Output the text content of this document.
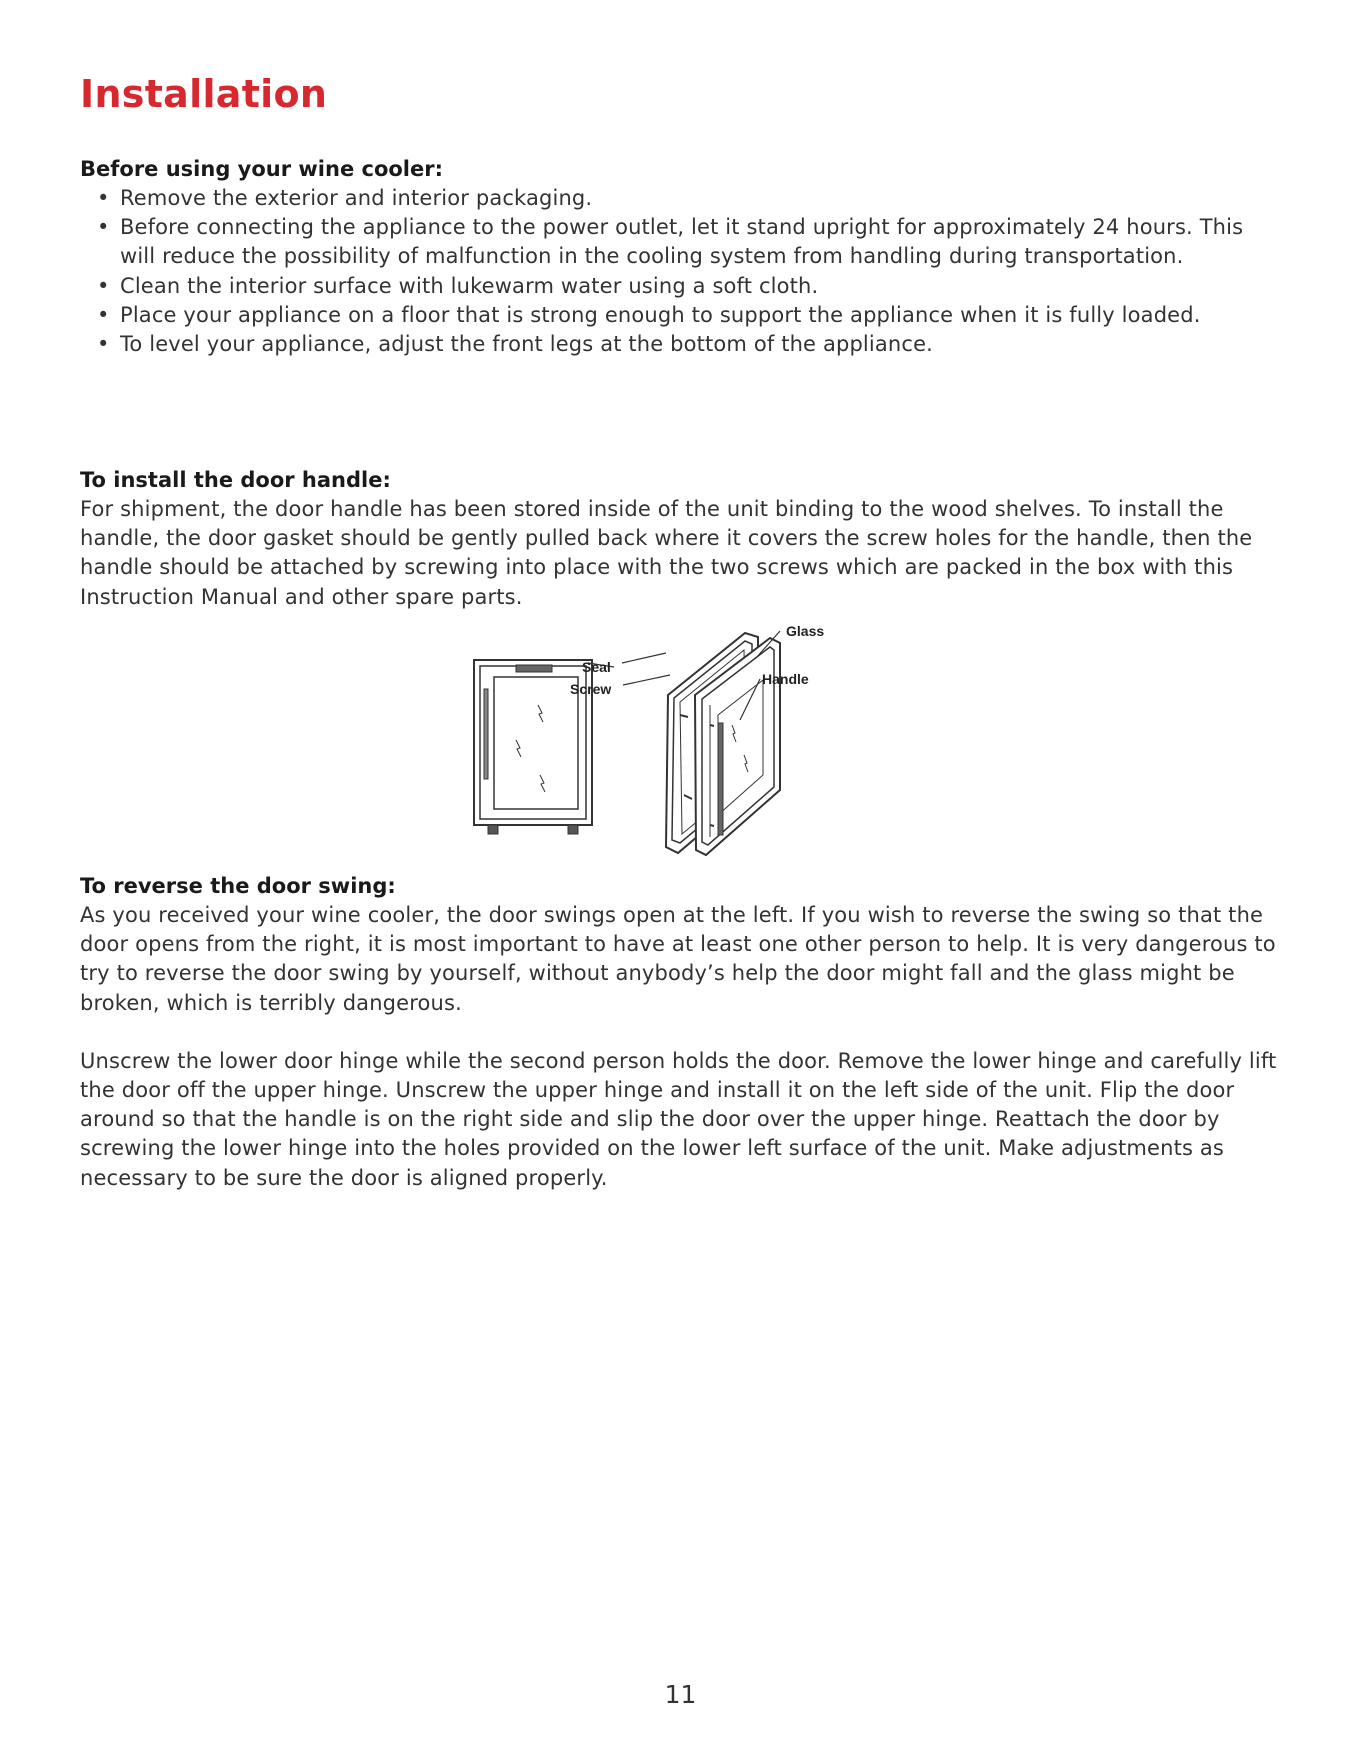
Installation

Before using your wine cooler:

• Remove the exterior and interior packaging.
• Before connecting the appliance to the power outlet, let it stand upright for approximately 24 hours. This will reduce the possibility of malfunction in the cooling system from handling during transportation.
• Clean the interior surface with lukewarm water using a soft cloth.
• Place your appliance on a floor that is strong enough to support the appliance when it is fully loaded.
• To level your appliance, adjust the front legs at the bottom of the appliance.

To install the door handle:

For shipment, the door handle has been stored inside of the unit binding to the wood shelves. To install the handle, the door gasket should be gently pulled back where it covers the screw holes for the handle, then the handle should be attached by screwing into place with the two screws which are packed in the box with this Instruction Manual and other spare parts.

Seal
Screw
Glass
Handle

To reverse the door swing:

As you received your wine cooler, the door swings open at the left. If you wish to reverse the swing so that the door opens from the right, it is most important to have at least one other person to help. It is very dangerous to try to reverse the door swing by yourself, without anybody’s help the door might fall and the glass might be broken, which is terribly dangerous.

Unscrew the lower door hinge while the second person holds the door. Remove the lower hinge and carefully lift the door off the upper hinge. Unscrew the upper hinge and install it on the left side of the unit. Flip the door around so that the handle is on the right side and slip the door over the upper hinge. Reattach the door by screwing the lower hinge into the holes provided on the lower left surface of the unit. Make adjustments as necessary to be sure the door is aligned properly.

11
